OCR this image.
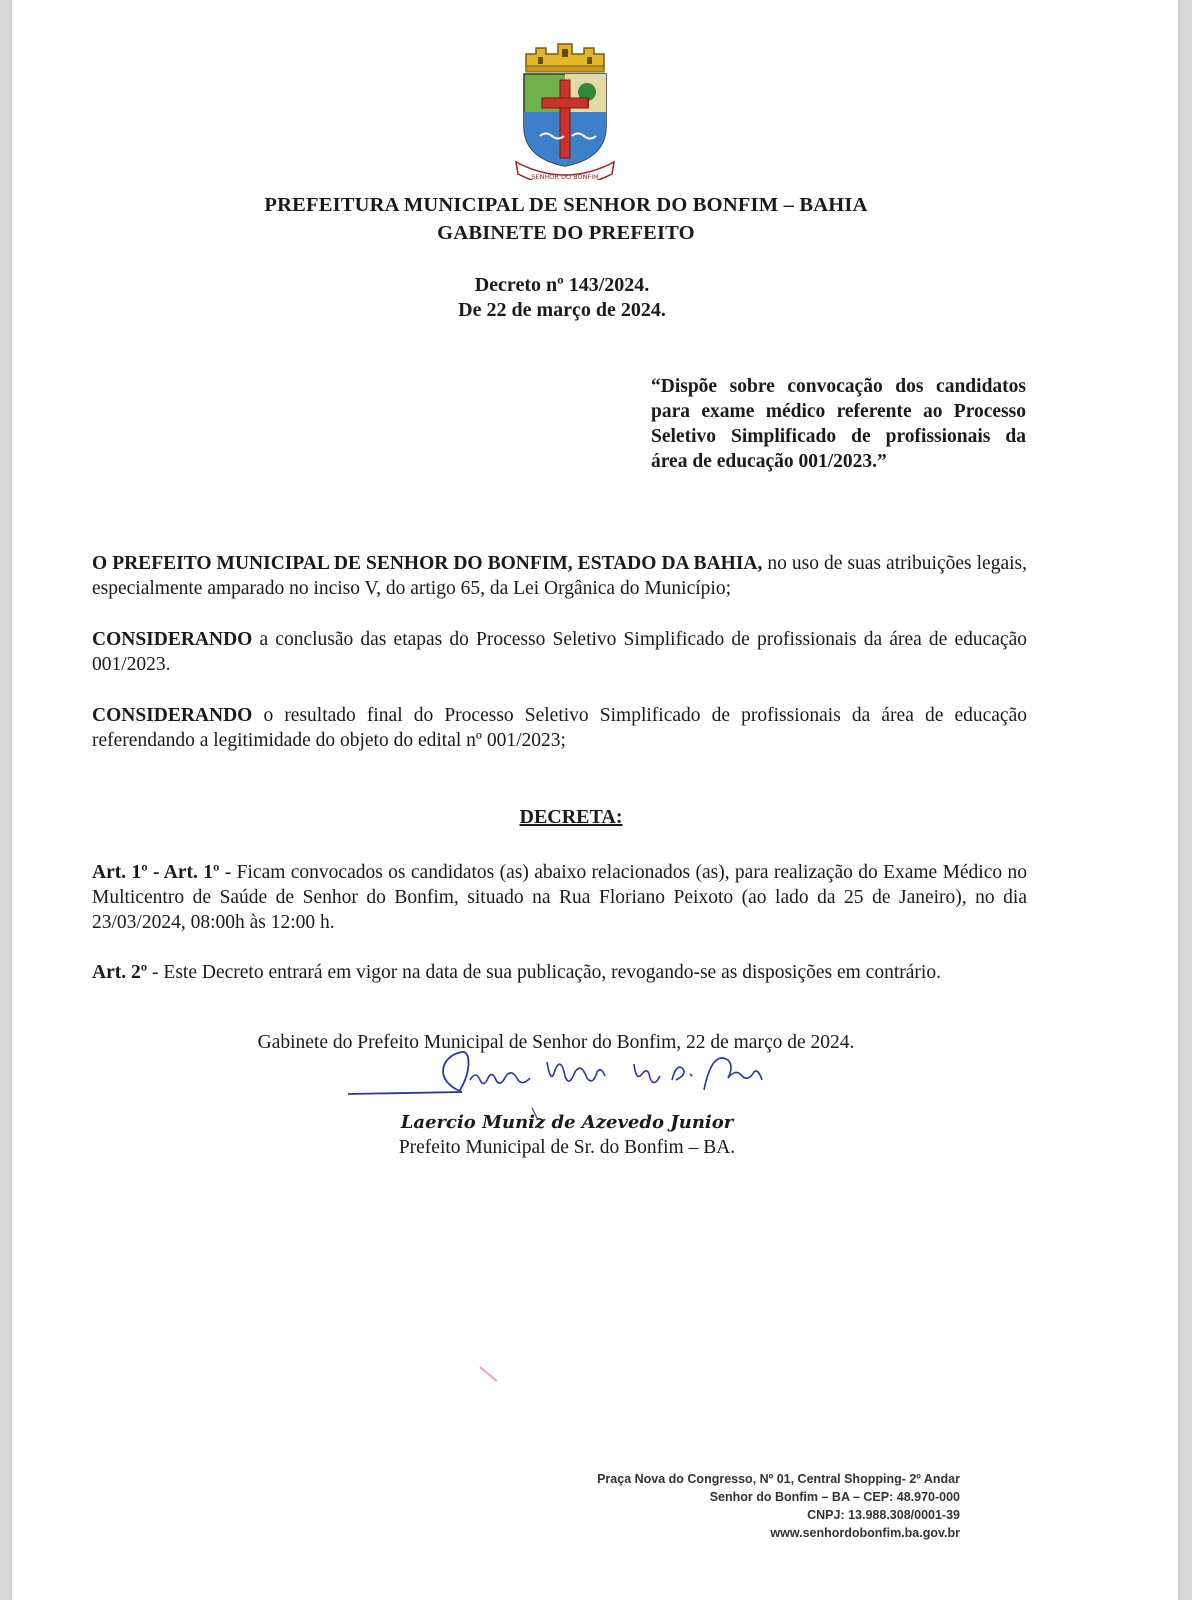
SENHOR DO BONFIM
PREFEITURA MUNICIPAL DE SENHOR DO BONFIM – BAHIA
GABINETE DO PREFEITO
Decreto nº 143/2024.
De 22 de março de 2024.
“Dispõe sobre convocação dos candidatos para exame médico referente ao Processo Seletivo Simplificado de profissionais da área de educação 001/2023.”
O PREFEITO MUNICIPAL DE SENHOR DO BONFIM, ESTADO DA BAHIA, no uso de suas atribuições legais, especialmente amparado no inciso V, do artigo 65, da Lei Orgânica do Município;
CONSIDERANDO a conclusão das etapas do Processo Seletivo Simplificado de profissionais da área de educação 001/2023.
CONSIDERANDO o resultado final do Processo Seletivo Simplificado de profissionais da área de educação referendando a legitimidade do objeto do edital nº 001/2023;
DECRETA:
Art. 1º - Art. 1º - Ficam convocados os candidatos (as) abaixo relacionados (as), para realização do Exame Médico no Multicentro de Saúde de Senhor do Bonfim, situado na Rua Floriano Peixoto (ao lado da 25 de Janeiro), no dia 23/03/2024, 08:00h às 12:00 h.
Art. 2º - Este Decreto entrará em vigor na data de sua publicação, revogando-se as disposições em contrário.
Gabinete do Prefeito Municipal de Senhor do Bonfim, 22 de março de 2024.
Laercio Muniz de Azevedo Junior
Prefeito Municipal de Sr. do Bonfim – BA.
Praça Nova do Congresso, Nº 01, Central Shopping- 2º Andar
Senhor do Bonfim – BA – CEP: 48.970-000
CNPJ: 13.988.308/0001-39
www.senhordobonfim.ba.gov.br
